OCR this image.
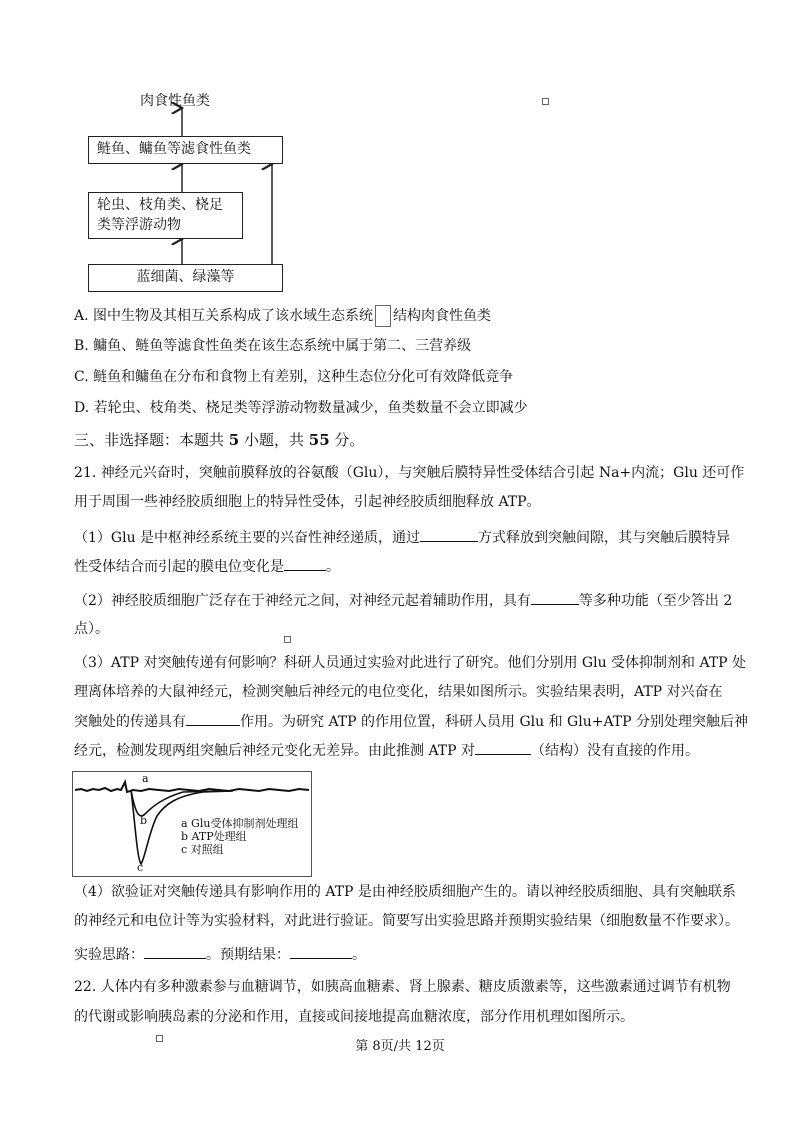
肉食性鱼类
鲢鱼、鳙鱼等滤食性鱼类
轮虫、枝角类、桡足
类等浮游动物
蓝细菌、绿藻等
A. 图中生物及其相互关系构成了该水域生态系统 结构肉食性鱼类
B. 鳙鱼、鲢鱼等滤食性鱼类在该生态系统中属于第二、三营养级
C. 鲢鱼和鳙鱼在分布和食物上有差别，这种生态位分化可有效降低竞争
D. 若轮虫、枝角类、桡足类等浮游动物数量减少，鱼类数量不会立即减少
三、非选择题：本题共 5 小题，共 55 分。
21. 神经元兴奋时，突触前膜释放的谷氨酸（Glu），与突触后膜特异性受体结合引起 Na+内流；Glu 还可作
用于周围一些神经胶质细胞上的特异性受体，引起神经胶质细胞释放 ATP。
（1）Glu 是中枢神经系统主要的兴奋性神经递质，通过	方式释放到突触间隙，其与突触后膜特异
性受体结合而引起的膜电位变化是	。
（2）神经胶质细胞广泛存在于神经元之间，对神经元起着辅助作用，具有	等多种功能（至少答出 2
点）。
（3）ATP 对突触传递有何影响？科研人员通过实验对此进行了研究。他们分别用 Glu 受体抑制剂和 ATP 处
理离体培养的大鼠神经元，检测突触后神经元的电位变化，结果如图所示。实验结果表明，ATP 对兴奋在
突触处的传递具有	作用。为研究 ATP 的作用位置，科研人员用 Glu 和 Glu+ATP 分别处理突触后神
经元，检测发现两组突触后神经元变化无差异。由此推测 ATP 对	（结构）没有直接的作用。
a
b
c
a Glu受体抑制剂处理组
b ATP处理组
c 对照组
（4）欲验证对突触传递具有影响作用的 ATP 是由神经胶质细胞产生的。请以神经胶质细胞、具有突触联系
的神经元和电位计等为实验材料，对此进行验证。简要写出实验思路并预期实验结果（细胞数量不作要求）。
实验思路：	。预期结果：	。
22. 人体内有多种激素参与血糖调节，如胰高血糖素、肾上腺素、糖皮质激素等，这些激素通过调节有机物
的代谢或影响胰岛素的分泌和作用，直接或间接地提高血糖浓度，部分作用机理如图所示。
第 8页/共 12页
